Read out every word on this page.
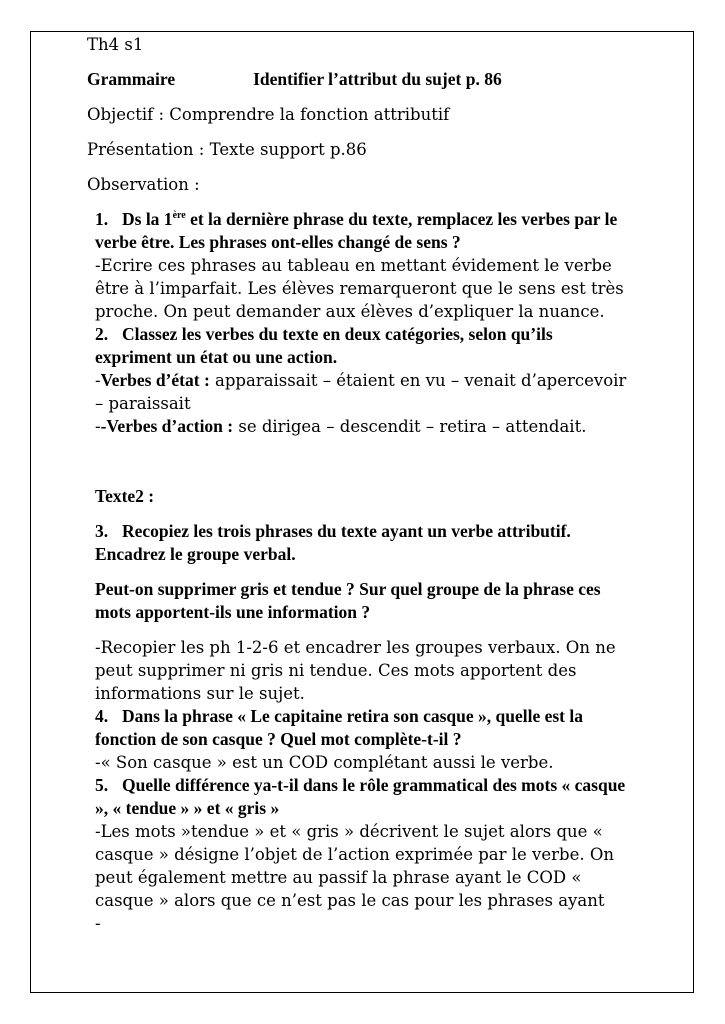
Th4 s1

Grammaire	Identifier l’attribut du sujet p. 86

Objectif : Comprendre la fonction attributif

Présentation : Texte support p.86

Observation :

1. Ds la 1ère et la dernière phrase du texte, remplacez les verbes par le verbe être. Les phrases ont-elles changé de sens ?

-Ecrire ces phrases au tableau en mettant évidement le verbe être à l’imparfait. Les élèves remarqueront que le sens est très proche. On peut demander aux élèves d’expliquer la nuance.

2. Classez les verbes du texte en deux catégories, selon qu’ils expriment un état ou une action.

-Verbes d’état : apparaissait – étaient en vu – venait d’apercevoir – paraissait

--Verbes d’action : se dirigea – descendit – retira – attendait.

Texte2 :

3. Recopiez les trois phrases du texte ayant un verbe attributif. Encadrez le groupe verbal.

Peut-on supprimer gris et tendue ? Sur quel groupe de la phrase ces mots apportent-ils une information ?

-Recopier les ph 1-2-6 et encadrer les groupes verbaux. On ne peut supprimer ni gris ni tendue. Ces mots apportent des informations sur le sujet.

4. Dans la phrase « Le capitaine retira son casque », quelle est la fonction de son casque ? Quel mot complète-t-il ?

-« Son casque » est un COD complétant aussi le verbe.

5. Quelle différence ya-t-il dans le rôle grammatical des mots « casque », « tendue » » et « gris »

-Les mots »tendue » et « gris » décrivent le sujet alors que « casque » désigne l’objet de l’action exprimée par le verbe. On peut également mettre au passif la phrase ayant le COD « casque » alors que ce n’est pas le cas pour les phrases ayant

-
